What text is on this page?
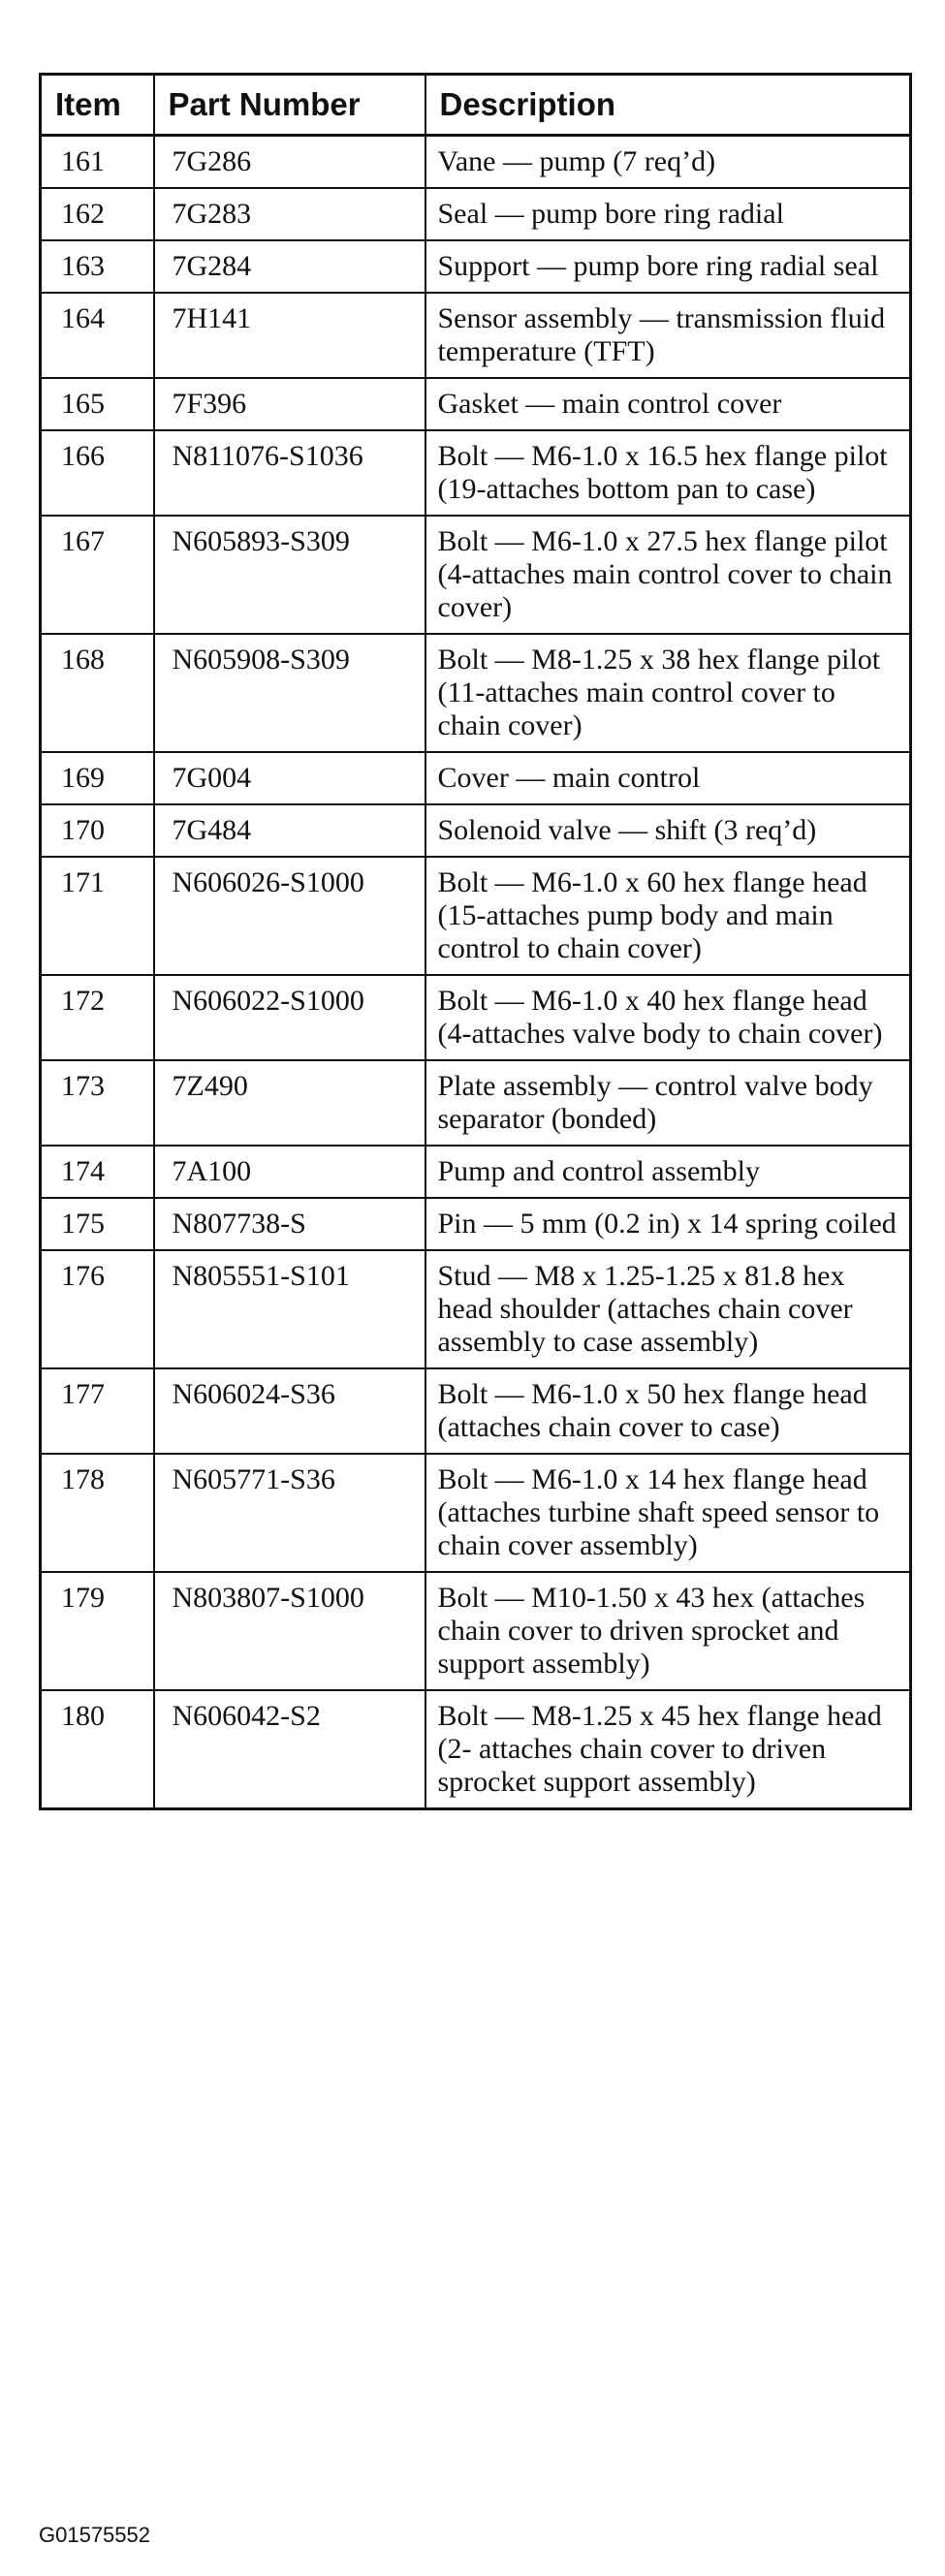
Item	Part Number	Description
161	7G286	Vane — pump (7 req’d)
162	7G283	Seal — pump bore ring radial
163	7G284	Support — pump bore ring radial seal
164	7H141	Sensor assembly — transmission fluid temperature (TFT)
165	7F396	Gasket — main control cover
166	N811076-S1036	Bolt — M6-1.0 x 16.5 hex flange pilot (19-attaches bottom pan to case)
167	N605893-S309	Bolt — M6-1.0 x 27.5 hex flange pilot (4-attaches main control cover to chain cover)
168	N605908-S309	Bolt — M8-1.25 x 38 hex flange pilot (11-attaches main control cover to chain cover)
169	7G004	Cover — main control
170	7G484	Solenoid valve — shift (3 req’d)
171	N606026-S1000	Bolt — M6-1.0 x 60 hex flange head (15-attaches pump body and main control to chain cover)
172	N606022-S1000	Bolt — M6-1.0 x 40 hex flange head (4-attaches valve body to chain cover)
173	7Z490	Plate assembly — control valve body separator (bonded)
174	7A100	Pump and control assembly
175	N807738-S	Pin — 5 mm (0.2 in) x 14 spring coiled
176	N805551-S101	Stud — M8 x 1.25-1.25 x 81.8 hex head shoulder (attaches chain cover assembly to case assembly)
177	N606024-S36	Bolt — M6-1.0 x 50 hex flange head (attaches chain cover to case)
178	N605771-S36	Bolt — M6-1.0 x 14 hex flange head (attaches turbine shaft speed sensor to chain cover assembly)
179	N803807-S1000	Bolt — M10-1.50 x 43 hex (attaches chain cover to driven sprocket and support assembly)
180	N606042-S2	Bolt — M8-1.25 x 45 hex flange head (2- attaches chain cover to driven sprocket support assembly)
G01575552
